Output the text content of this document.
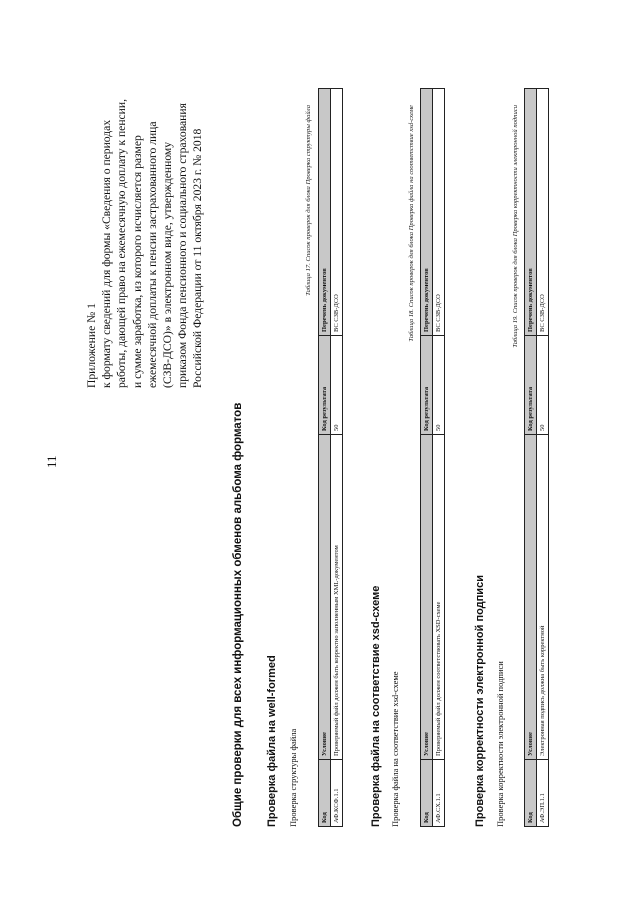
11
Приложение № 1 к формату сведений для формы «Сведения о периодах работы, дающей право на ежемесячную доплату к пенсии, и сумме заработка, из которого исчисляется размер ежемесячной доплаты к пенсии застрахованного лица (СЗВ-ДСО)» в электронном виде, утвержденному приказом Фонда пенсионного и социального страхования Российской Федерации от 11 октября 2023 г. № 2018
Общие проверки для всех информационных обменов альбома форматов Проверка файла на well-formed Проверка структуры файла
Таблица 17. Список проверок для блока Проверка структуры файла
Код	Условие	Код результата	Перечень документов
АФ.КСФ.1.1	Проверяемый файл должен быть корректно заполненным XML-документом	50	ВС СЗВ-ДСО
Проверка файла на соответствие xsd-схеме Проверка файла на соответствие xsd-схеме
Таблица 18. Список проверок для блока Проверка файла на соответствие xsd-схеме
Код	Условие	Код результата	Перечень документов
АФ.СХ.1.1	Проверяемый файл должен соответствовать XSD-схеме	50	ВС СЗВ-ДСО
Проверка корректности электронной подписи Проверка корректности электронной подписи
Таблица 19. Список проверок для блока Проверка корректности электронной подписи
Код	Условие	Код результата	Перечень документов
АФ.ЭП.1.1	Электронная подпись должна быть корректной	50	ВС СЗВ-ДСО
